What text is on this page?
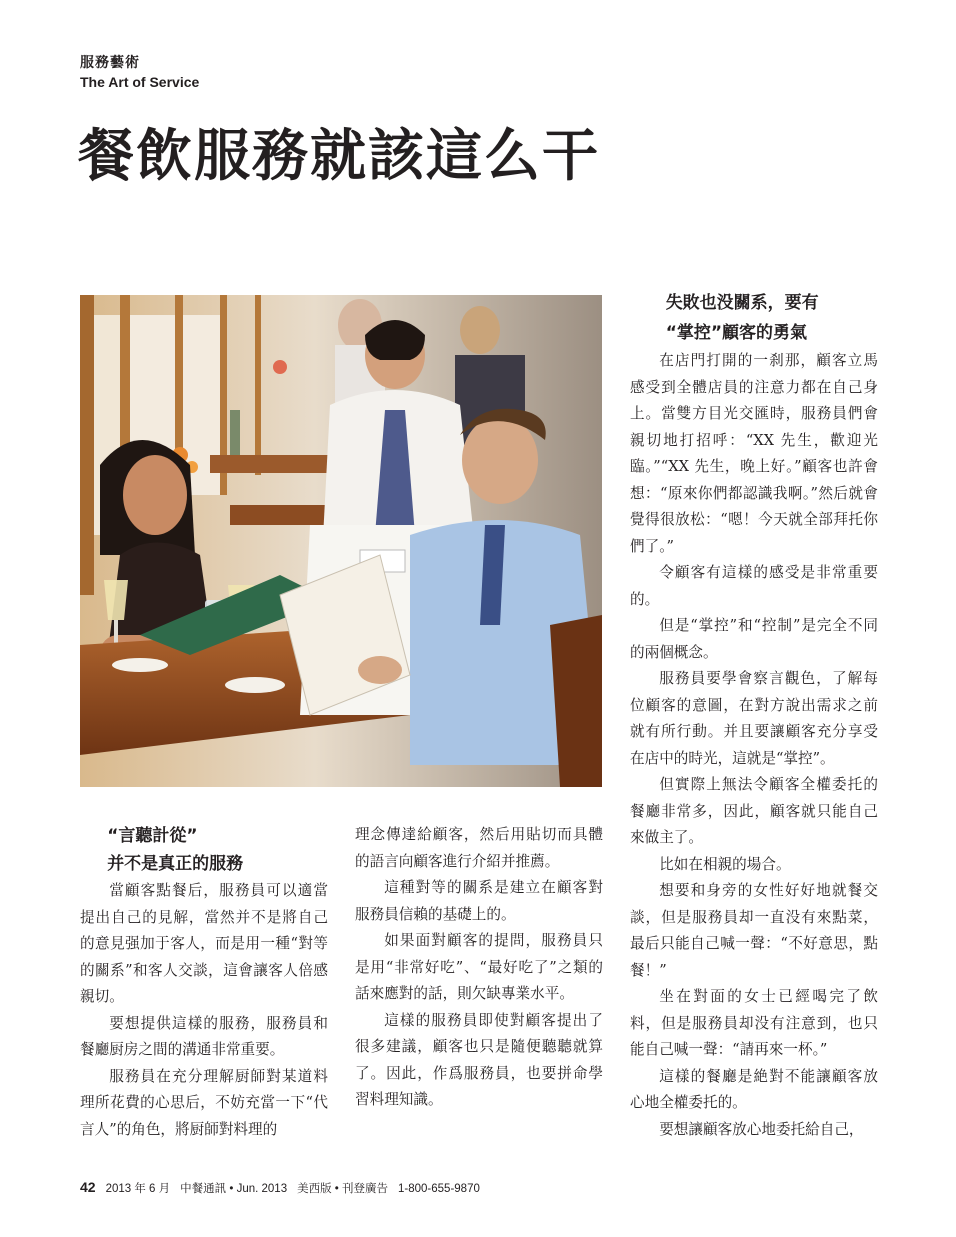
服務藝術
The Art of Service
餐飲服務就該這么干
“言聽計從”
并不是真正的服務

當顧客點餐后，服務員可以適當提出自己的見解，當然并不是將自己的意見强加于客人，而是用一種“對等的關系”和客人交談，這會讓客人倍感親切。

要想提供這樣的服務，服務員和餐廳厨房之間的溝通非常重要。

服務員在充分理解厨師對某道料理所花費的心思后，不妨充當一下“代言人”的角色，將厨師對料理的

理念傳達給顧客，然后用貼切而具體的語言向顧客進行介紹并推薦。

這種對等的關系是建立在顧客對服務員信賴的基礎上的。

如果面對顧客的提問，服務員只是用“非常好吃”、“最好吃了”之類的話來應對的話，則欠缺專業水平。

這樣的服務員即使對顧客提出了很多建議，顧客也只是隨便聽聽就算了。因此，作爲服務員，也要拼命學習料理知識。

失敗也没關系，要有
“掌控”顧客的勇氣

在店門打開的一刹那，顧客立馬感受到全體店員的注意力都在自己身上。當雙方目光交匯時，服務員們會親切地打招呼：“XX 先生，歡迎光臨。”“XX 先生，晚上好。”顧客也許會想：“原來你們都認識我啊。”然后就會覺得很放松：“嗯！今天就全部拜托你們了。”

令顧客有這樣的感受是非常重要的。

但是“掌控”和“控制”是完全不同的兩個概念。

服務員要學會察言觀色，了解每位顧客的意圖，在對方說出需求之前就有所行動。并且要讓顧客充分享受在店中的時光，這就是“掌控”。

但實際上無法令顧客全權委托的餐廳非常多，因此，顧客就只能自己來做主了。

比如在相親的場合。

想要和身旁的女性好好地就餐交談，但是服務員却一直没有來點菜，最后只能自己喊一聲：“不好意思，點餐！”

坐在對面的女士已經喝完了飲料，但是服務員却没有注意到，也只能自己喊一聲：“請再來一杯。”

這樣的餐廳是絶對不能讓顧客放心地全權委托的。

要想讓顧客放心地委托給自己，

42 2013 年 6 月 中餐通訊 • Jun. 2013 美西版 • 刊登廣告 1-800-655-9870
